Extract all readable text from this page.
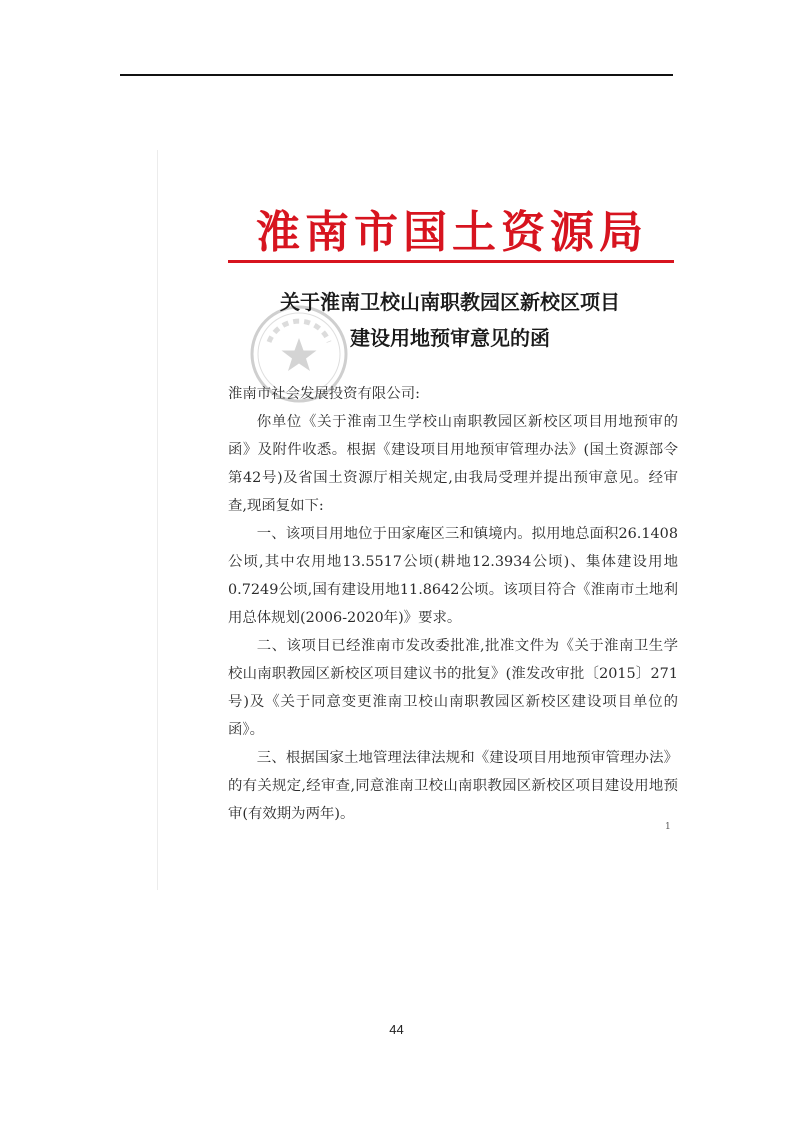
淮南市国土资源局
关于淮南卫校山南职教园区新校区项目
建设用地预审意见的函

淮南市社会发展投资有限公司:

你单位《关于淮南卫生学校山南职教园区新校区项目用地预审的函》及附件收悉。根据《建设项目用地预审管理办法》(国土资源部令第42号)及省国土资源厅相关规定,由我局受理并提出预审意见。经审查,现函复如下:

一、该项目用地位于田家庵区三和镇境内。拟用地总面积26.1408公顷,其中农用地13.5517公顷(耕地12.3934公顷)、集体建设用地0.7249公顷,国有建设用地11.8642公顷。该项目符合《淮南市土地利用总体规划(2006-2020年)》要求。

二、该项目已经淮南市发改委批准,批准文件为《关于淮南卫生学校山南职教园区新校区项目建议书的批复》(淮发改审批〔2015〕271号)及《关于同意变更淮南卫校山南职教园区新校区建设项目单位的函》。

三、根据国家土地管理法律法规和《建设项目用地预审管理办法》的有关规定,经审查,同意淮南卫校山南职教园区新校区项目建设用地预审(有效期为两年)。

1
44
